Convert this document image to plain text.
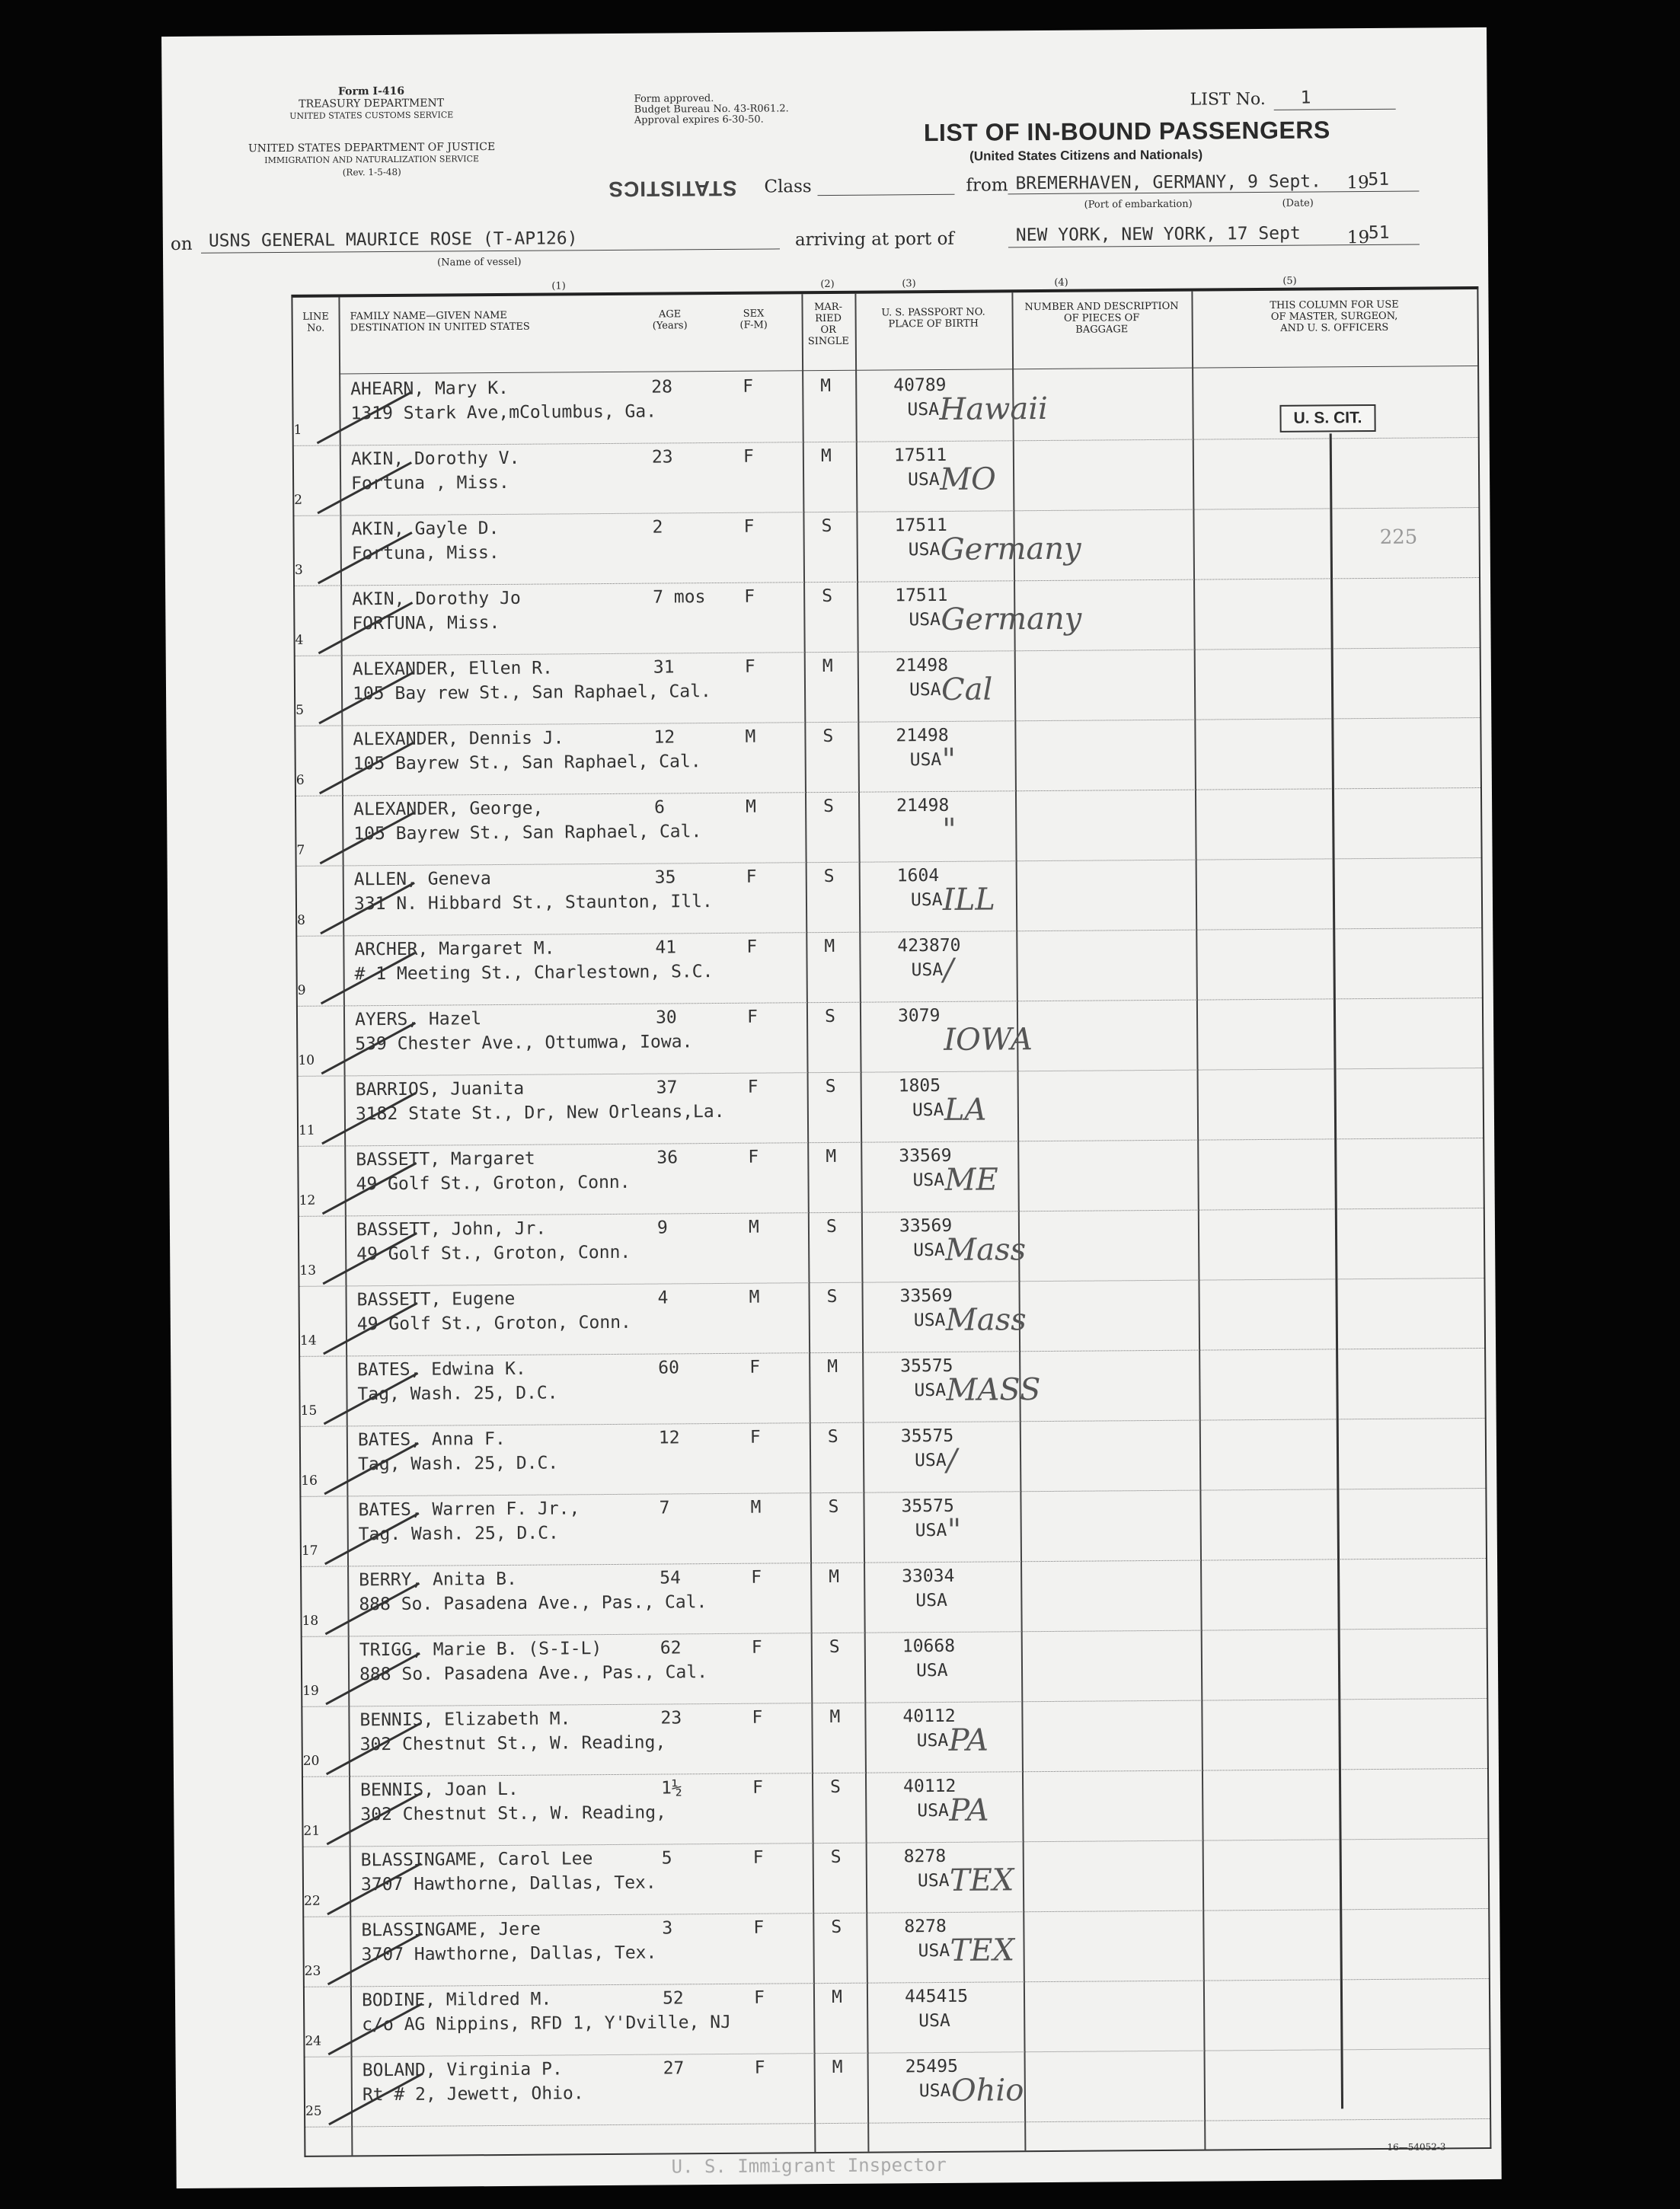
Form I-416
TREASURY DEPARTMENT
UNITED STATES CUSTOMS SERVICE
UNITED STATES DEPARTMENT OF JUSTICE
IMMIGRATION AND NATURALIZATION SERVICE
(Rev. 1-5-48)
Form approved.
Budget Bureau No. 43-R061.2.
Approval expires 6-30-50.
LIST No. 1
LIST OF IN-BOUND PASSENGERS
(United States Citizens and Nationals)
STATISTICS Class	from BREMERHAVEN, GERMANY, 9 Sept. 19
51
(Port of embarkation)	(Date)
on USNS GENERAL MAURICE ROSE (T-AP126)
(Name of vessel)
arriving at port of	NEW YORK, NEW YORK, 17 Sept	19
51
(1)	(2)	(3)	(4)	(5)
LINE
No.
FAMILY NAME—GIVEN NAME
DESTINATION IN UNITED STATES
AGE
(Years)
SEX
(F-M)
MAR-
RIED
OR
SINGLE
U. S. PASSPORT NO.
PLACE OF BIRTH
NUMBER AND DESCRIPTION
OF PIECES OF
BAGGAGE
THIS COLUMN FOR USE
OF MASTER, SURGEON,
AND U. S. OFFICERS
1
AHEARN, Mary K.
1319 Stark Ave,mColumbus, Ga.
28	F	M	40789
USA Hawaii
2
AKIN, Dorothy V.
Fortuna , Miss.
23	F	M	17511
USA MO
3
AKIN, Gayle D.
Fortuna, Miss.
2	F	S	17511
USA Germany
4
AKIN, Dorothy Jo
FORTUNA, Miss.
7 mos F	S	17511
USA Germany
5
ALEXANDER, Ellen R.
105 Bay rew St., San Raphael, Cal.
31	F	M	21498
USA Cal
6
ALEXANDER, Dennis J.
105 Bayrew St., San Raphael, Cal.
12	M	S	21498
USA "
7
ALEXANDER, George,
105 Bayrew St., San Raphael, Cal.
6	M	S	21498
"
8
ALLEN, Geneva
331 N. Hibbard St., Staunton, Ill.
35	F	S	1604
USA ILL
9
ARCHER, Margaret M.
# 1 Meeting St., Charlestown, S.C.
41	F	M	423870
USA /
10
AYERS, Hazel
539 Chester Ave., Ottumwa, Iowa.
30	F	S	3079
IOWA
11
BARRIOS, Juanita
3182 State St., Dr, New Orleans,La.
37	F	S	1805
USA LA
12
BASSETT, Margaret
49 Golf St., Groton, Conn.
36	F	M	33569
USA ME
13
BASSETT, John, Jr.
49 Golf St., Groton, Conn.
9	M	S	33569
USA Mass
14
BASSETT, Eugene
49 Golf St., Groton, Conn.
4	M	S	33569
USA Mass
15
BATES, Edwina K.
Tag, Wash. 25, D.C.
60	F	M	35575
USA MASS
16
BATES, Anna F.
Tag, Wash. 25, D.C.
12	F	S	35575
USA /
17
BATES, Warren F. Jr.,
Tag. Wash. 25, D.C.
7	M	S	35575
USA "
18
BERRY, Anita B.
888 So. Pasadena Ave., Pas., Cal.
54	F	M	33034
USA
19
TRIGG, Marie B. (S-I-L)
888 So. Pasadena Ave., Pas., Cal.
62	F	S	10668
USA
20
BENNIS, Elizabeth M.
302 Chestnut St., W. Reading,
23	F	M	40112
USA PA
21
BENNIS, Joan L.
302 Chestnut St., W. Reading,
1½	F	S	40112
USA PA
22
BLASSINGAME, Carol Lee
3707 Hawthorne, Dallas, Tex.
5	F	S	8278
USA TEX
23
BLASSINGAME, Jere
3707 Hawthorne, Dallas, Tex.
3	F	S	8278
USA TEX
24
BODINE, Mildred M.
c/o AG Nippins, RFD 1, Y'Dville, NJ
52	F	M	445415
USA
25
BOLAND, Virginia P.
Rt # 2, Jewett, Ohio.
27	F	M	25495
USA Ohio
U. S. CIT.
225
U. S. Immigrant Inspector
16—54052-3
